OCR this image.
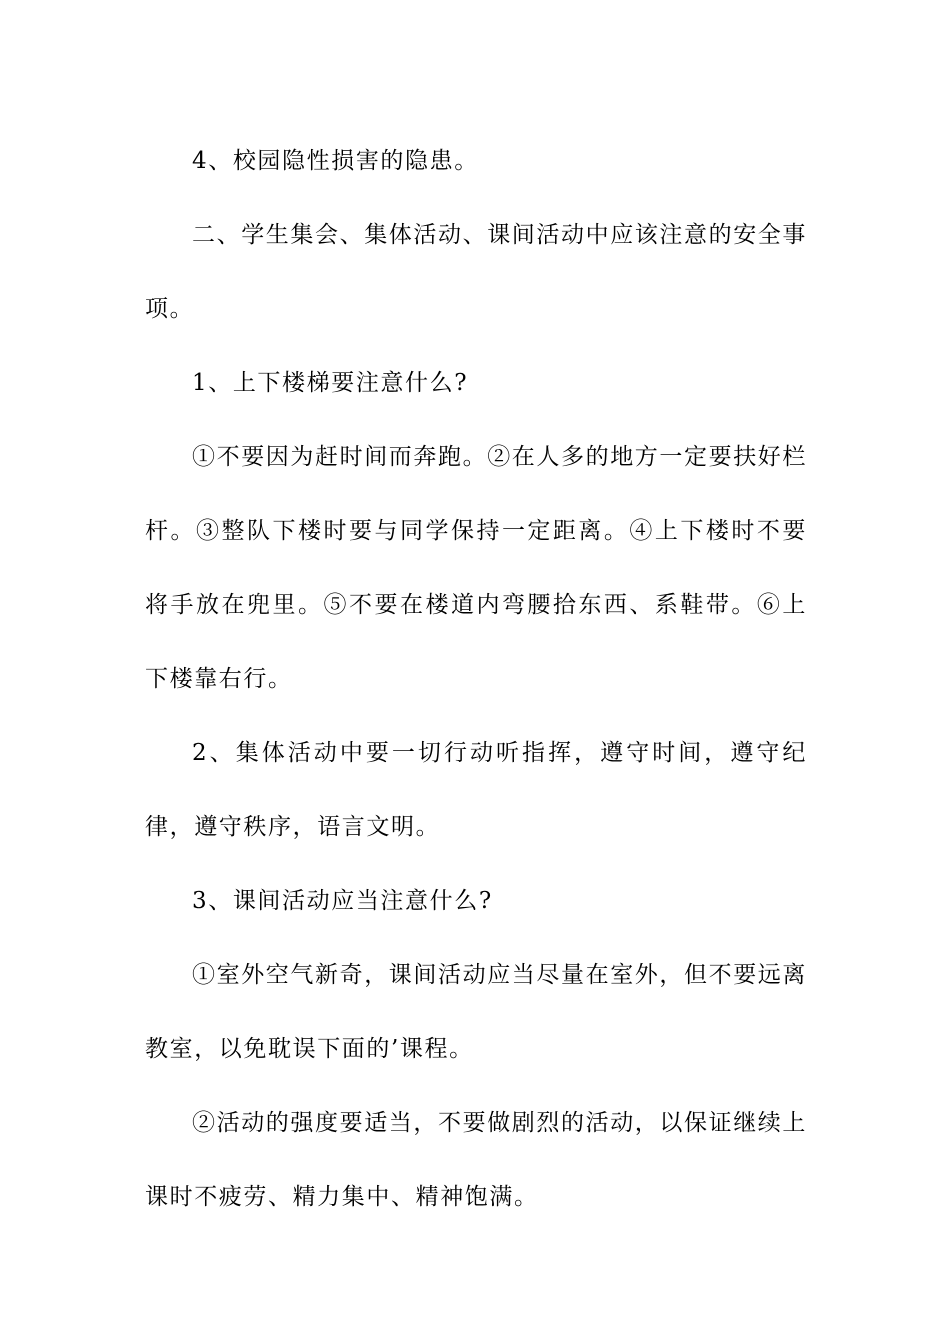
4、校园隐性损害的隐患。

二、学生集会、集体活动、课间活动中应该注意的安全事项。

1、上下楼梯要注意什么?

①不要因为赶时间而奔跑。②在人多的地方一定要扶好栏杆。③整队下楼时要与同学保持一定距离。④上下楼时不要将手放在兜里。⑤不要在楼道内弯腰拾东西、系鞋带。⑥上下楼靠右行。

2、集体活动中要一切行动听指挥，遵守时间，遵守纪律，遵守秩序，语言文明。

3、课间活动应当注意什么?

①室外空气新奇，课间活动应当尽量在室外，但不要远离教室，以免耽误下面的’课程。

②活动的强度要适当，不要做剧烈的活动，以保证继续上课时不疲劳、精力集中、精神饱满。
